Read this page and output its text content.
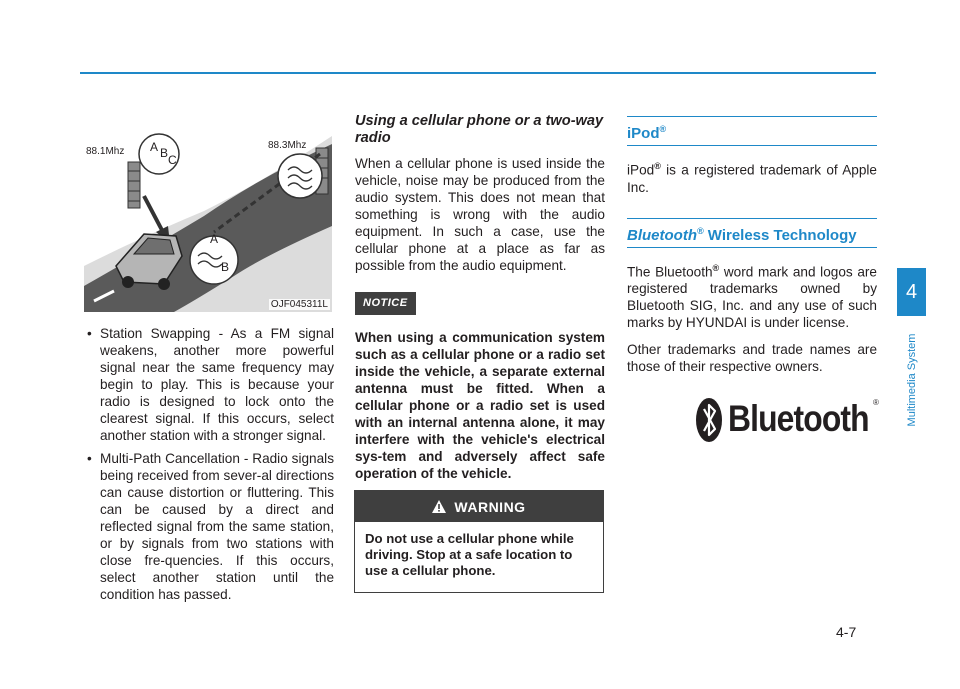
88.1Mhz
88.3Mhz
A B C
A
B
OJF045311L
• Station Swapping - As a FM signal weakens, another more powerful signal near the same frequency may begin to play. This is because your radio is designed to lock onto the clearest signal. If this occurs, select another station with a stronger signal.
• Multi-Path Cancellation - Radio signals being received from sever-al directions can cause distortion or fluttering. This can be caused by a direct and reflected signal from the same station, or by signals from two stations with close fre-quencies. If this occurs, select another station until the condition has passed.

Using a cellular phone or a two-way radio

When a cellular phone is used inside the vehicle, noise may be produced from the audio system. This does not mean that something is wrong with the audio equipment. In such a case, use the cellular phone at a place as far as possible from the audio equipment.

NOTICE

When using a communication system such as a cellular phone or a radio set inside the vehicle, a separate external antenna must be fitted. When a cellular phone or a radio set is used with an internal antenna alone, it may interfere with the vehicle's electrical sys-tem and adversely affect safe operation of the vehicle.

WARNING
Do not use a cellular phone while driving. Stop at a safe location to use a cellular phone.
iPod®

iPod® is a registered trademark of Apple Inc.

Bluetooth® Wireless Technology

The Bluetooth® word mark and logos are registered trademarks owned by Bluetooth SIG, Inc. and any use of such marks by HYUNDAI is under license.

Other trademarks and trade names are those of their respective owners.

®
Bluetooth
4
Multimedia System
4-7
